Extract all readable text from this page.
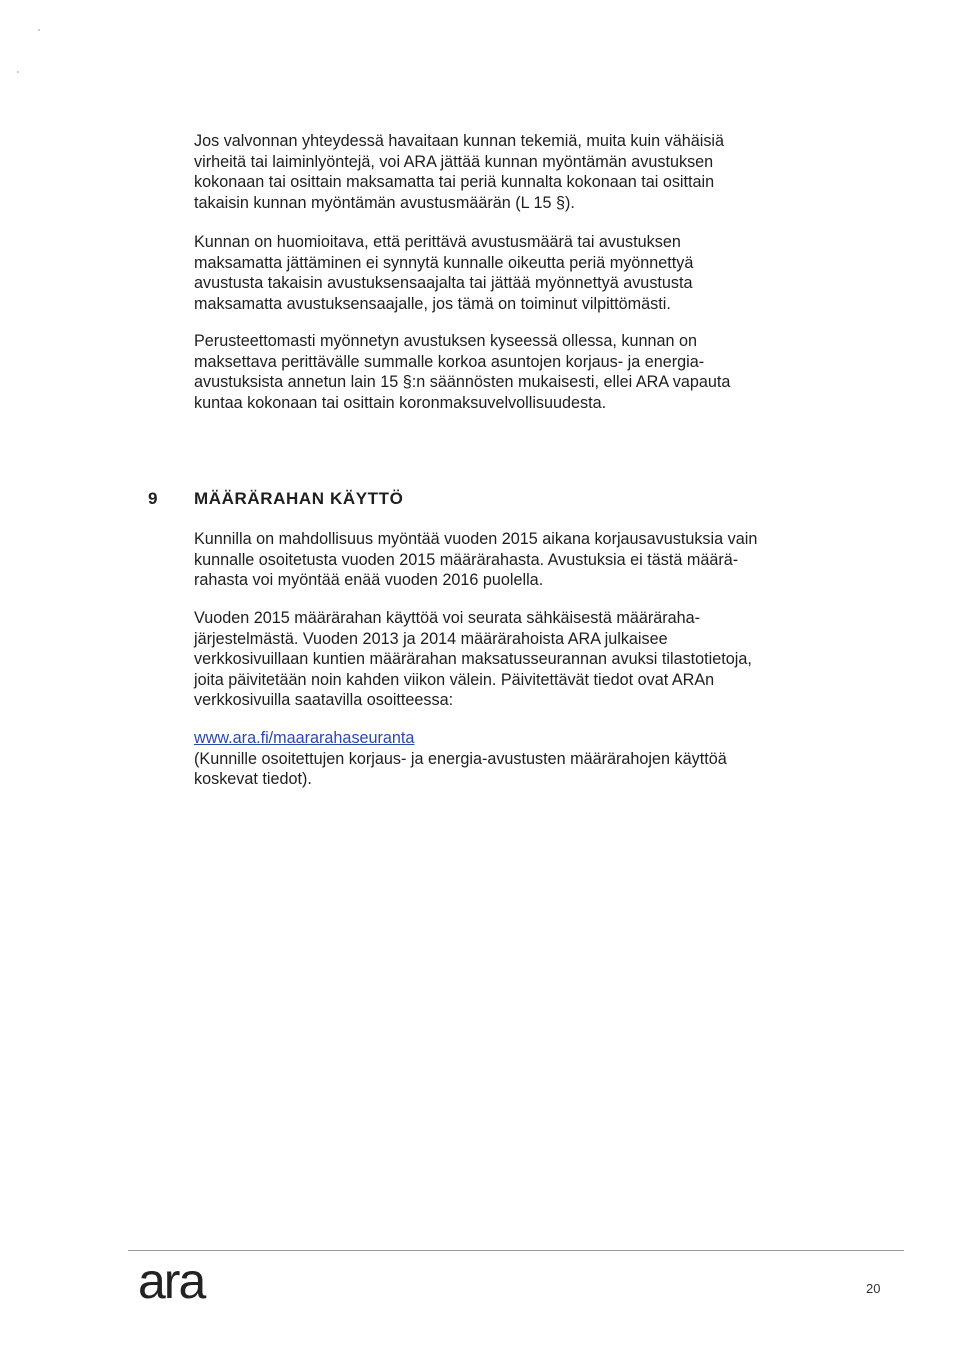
Jos valvonnan yhteydessä havaitaan kunnan tekemiä, muita kuin vähäisiä
virheitä tai laiminlyöntejä, voi ARA jättää kunnan myöntämän avustuksen
kokonaan tai osittain maksamatta tai periä kunnalta kokonaan tai osittain
takaisin kunnan myöntämän avustusmäärän (L 15 §).

Kunnan on huomioitava, että perittävä avustusmäärä tai avustuksen
maksamatta jättäminen ei synnytä kunnalle oikeutta periä myönnettyä
avustusta takaisin avustuksensaajalta tai jättää myönnettyä avustusta
maksamatta avustuksensaajalle, jos tämä on toiminut vilpittömästi.

Perusteettomasti myönnetyn avustuksen kyseessä ollessa, kunnan on
maksettava perittävälle summalle korkoa asuntojen korjaus- ja energia-
avustuksista annetun lain 15 §:n säännösten mukaisesti, ellei ARA vapauta
kuntaa kokonaan tai osittain koronmaksuvelvollisuudesta.

9 MÄÄRÄRAHAN KÄYTTÖ

Kunnilla on mahdollisuus myöntää vuoden 2015 aikana korjausavustuksia vain
kunnalle osoitetusta vuoden 2015 määrärahasta. Avustuksia ei tästä määrä-
rahasta voi myöntää enää vuoden 2016 puolella.

Vuoden 2015 määrärahan käyttöä voi seurata sähkäisestä määräraha-
järjestelmästä. Vuoden 2013 ja 2014 määrärahoista ARA julkaisee
verkkosivuillaan kuntien määrärahan maksatusseurannan avuksi tilastotietoja,
joita päivitetään noin kahden viikon välein. Päivitettävät tiedot ovat ARAn
verkkosivuilla saatavilla osoitteessa:

www.ara.fi/maararahaseuranta
(Kunnille osoitettujen korjaus- ja energia-avustusten määrärahojen käyttöä
koskevat tiedot).
ara	20
